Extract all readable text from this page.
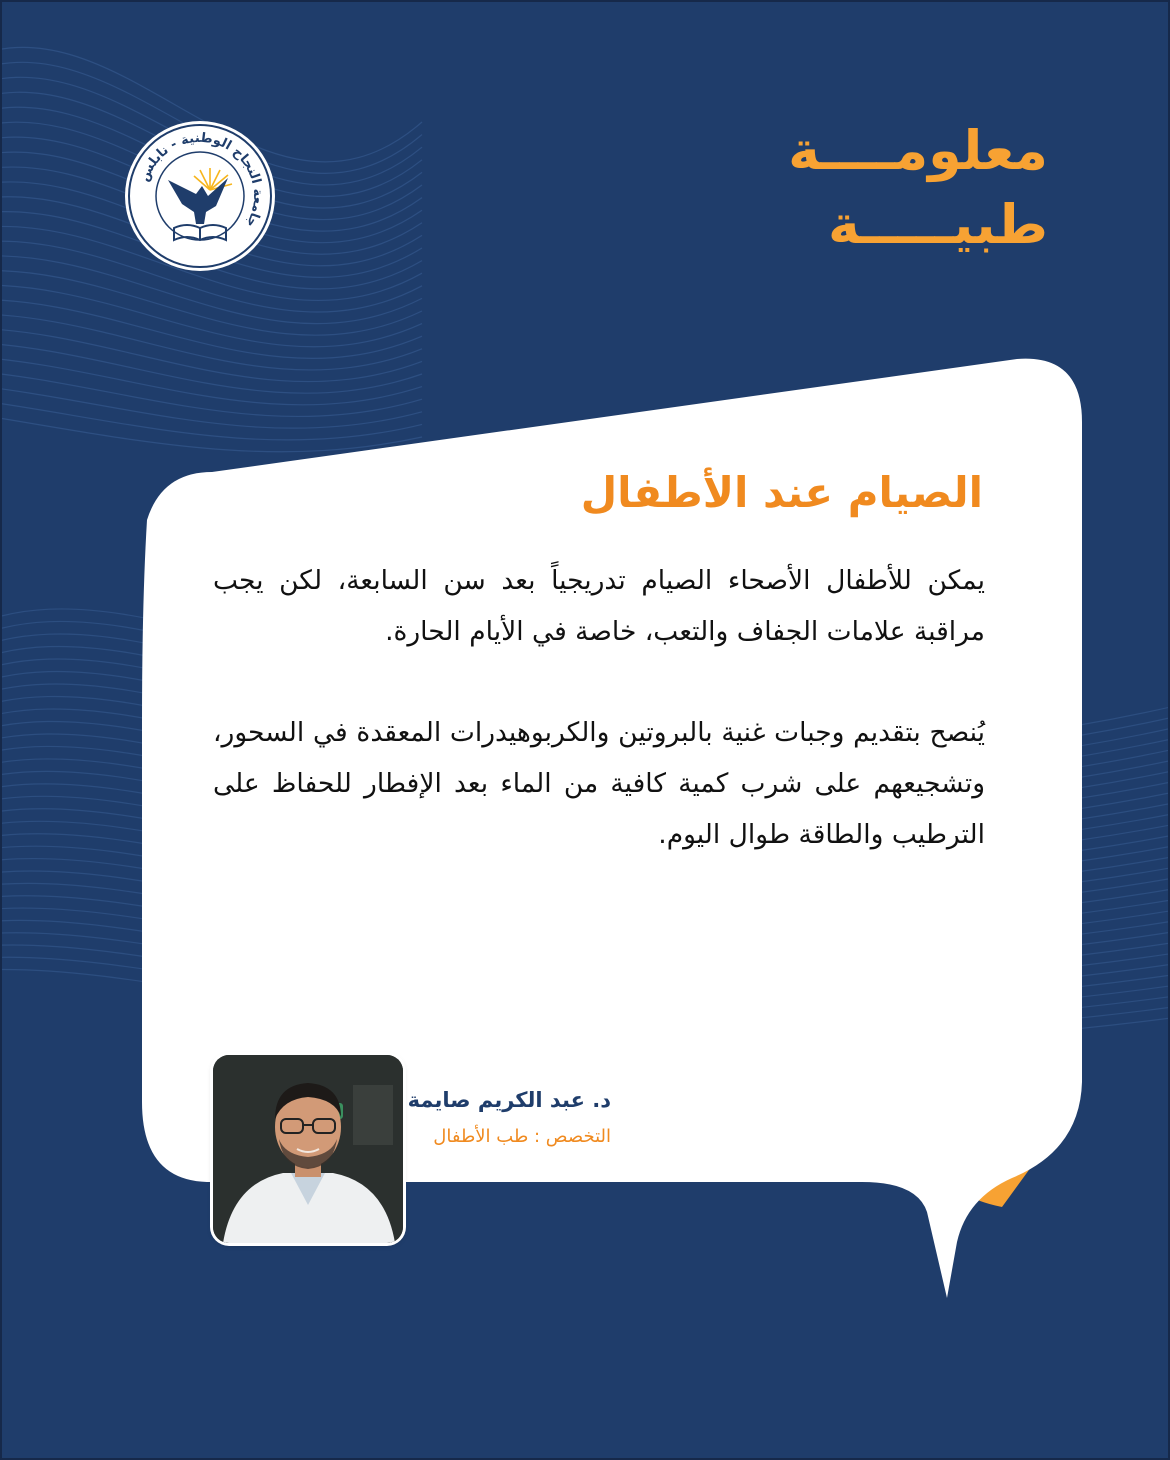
جامعة النجاح الوطنية - نابلس
معلومــــة
طبيـــــة
الصيام عند الأطفال
يمكن للأطفال الأصحاء الصيام تدريجياً بعد سن السابعة، لكن يجب مراقبة علامات الجفاف والتعب، خاصة في الأيام الحارة.
يُنصح بتقديم وجبات غنية بالبروتين والكربوهيدرات المعقدة في السحور، وتشجيعهم على شرب كمية كافية من الماء بعد الإفطار للحفاظ على الترطيب والطاقة طوال اليوم.
د. عبد الكريم صايمة
التخصص : طب الأطفال
